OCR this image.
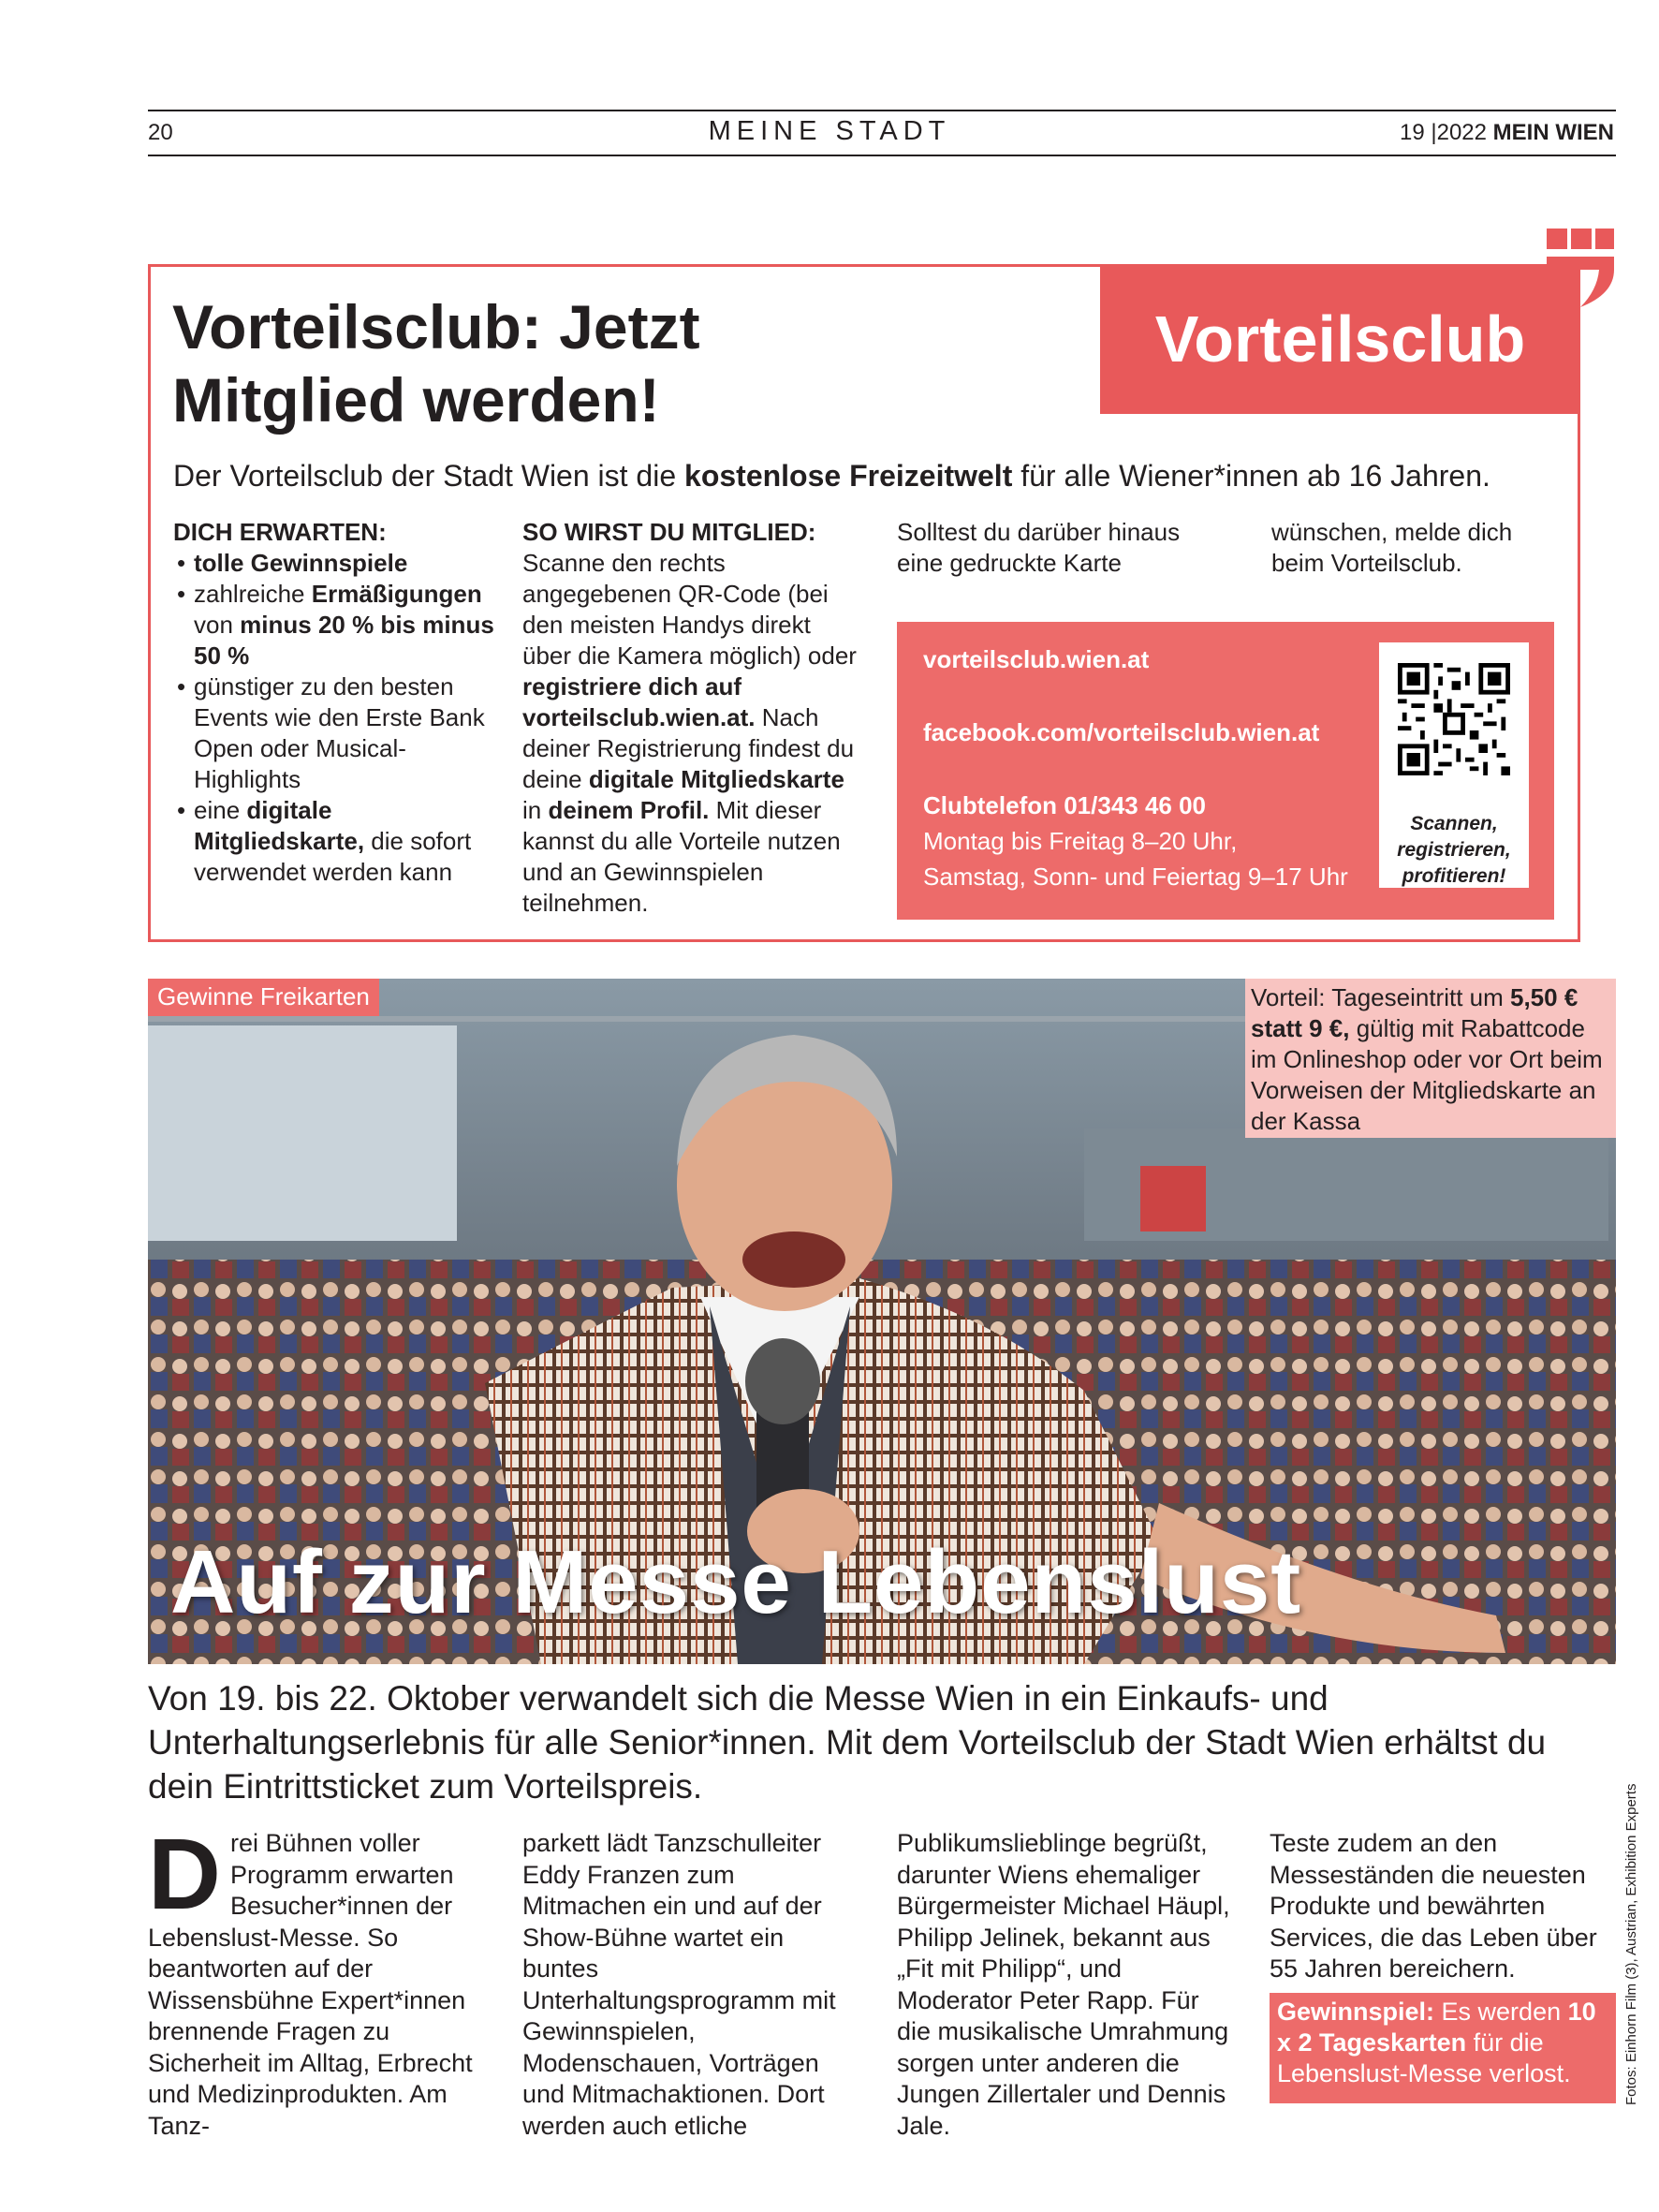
20	MEINE STADT	19 |2022 MEIN WIEN
Vorteilsclub: Jetzt
Mitglied werden!
Vorteilsclub
Der Vorteilsclub der Stadt Wien ist die kostenlose Freizeitwelt für alle Wiener*innen ab 16 Jahren.
DICH ERWARTEN:
• tolle Gewinnspiele
• zahlreiche Ermäßigungen von minus 20 % bis minus 50 %
• günstiger zu den besten Events wie den Erste Bank Open oder Musical-Highlights
• eine digitale Mitgliedskarte, die sofort verwendet werden kann
SO WIRST DU MITGLIED:
Scanne den rechts angegebenen QR-Code (bei den meisten Handys direkt über die Kamera möglich) oder registriere dich auf vorteilsclub.wien.at. Nach deiner Registrierung findest du deine digitale Mitgliedskarte in deinem Profil. Mit dieser kannst du alle Vorteile nutzen und an Gewinnspielen teilnehmen.
Solltest du darüber hinaus eine gedruckte Karte
wünschen, melde dich beim Vorteilsclub.
vorteilsclub.wien.at
facebook.com/vorteilsclub.wien.at
Clubtelefon 01/343 46 00
Montag bis Freitag 8–20 Uhr,
Samstag, Sonn- und Feiertag 9–17 Uhr
Scannen, registrieren, profitieren!
Gewinne Freikarten	Vorteil: Tageseintritt um 5,50 € statt 9 €, gültig mit Rabattcode im Onlineshop oder vor Ort beim Vorweisen der Mitgliedskarte an der Kassa
Auf zur Messe Lebenslust
Von 19. bis 22. Oktober verwandelt sich die Messe Wien in ein Einkaufs- und Unterhaltungserlebnis für alle Senior*innen. Mit dem Vorteilsclub der Stadt Wien erhältst du dein Eintrittsticket zum Vorteilspreis.
Drei Bühnen voller Programm erwarten Besucher*innen der Lebenslust-Messe. So beantworten auf der Wissensbühne Expert*innen brennende Fragen zu Sicherheit im Alltag, Erbrecht und Medizinprodukten. Am Tanz-
parkett lädt Tanzschulleiter Eddy Franzen zum Mitmachen ein und auf der Show-Bühne wartet ein buntes Unterhaltungsprogramm mit Gewinnspielen, Modenschauen, Vorträgen und Mitmachaktionen. Dort werden auch etliche
Publikumslieblinge begrüßt, darunter Wiens ehemaliger Bürgermeister Michael Häupl, Philipp Jelinek, bekannt aus „Fit mit Philipp“, und Moderator Peter Rapp. Für die musikalische Umrahmung sorgen unter anderen die Jungen Zillertaler und Dennis Jale.
Teste zudem an den Messeständen die neuesten Produkte und bewährten Services, die das Leben über 55 Jahren bereichern.
Gewinnspiel: Es werden 10 x 2 Tageskarten für die Lebenslust-Messe verlost.	Fotos: Einhorn Film (3), Austrian, Exhibition Experts
